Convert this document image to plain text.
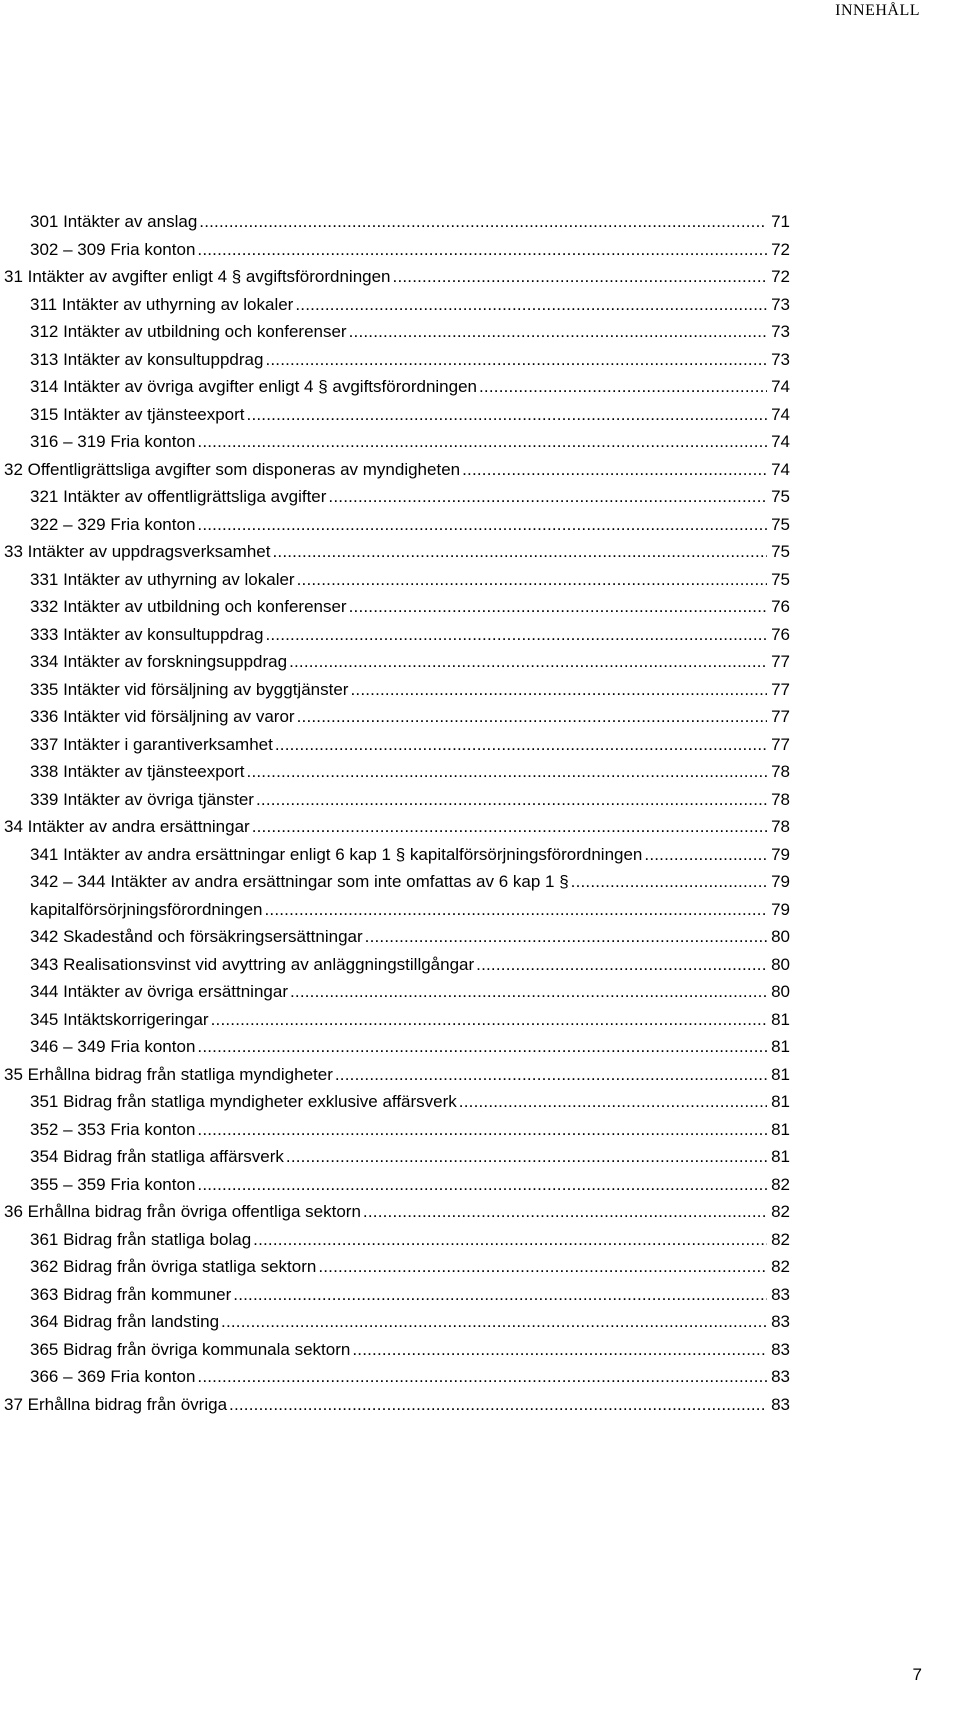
INNEHÅLL
301 Intäkter av anslag .....	71
302 – 309 Fria konton .....	72
31 Intäkter av avgifter enligt 4 § avgiftsförordningen .....	72
311 Intäkter av uthyrning av lokaler .....	73
312 Intäkter av utbildning och konferenser .....	73
313 Intäkter av konsultuppdrag .....	73
314 Intäkter av övriga avgifter enligt 4 § avgiftsförordningen .....	74
315 Intäkter av tjänsteexport .....	74
316 – 319 Fria konton .....	74
32 Offentligrättsliga avgifter som disponeras av myndigheten .....	74
321 Intäkter av offentligrättsliga avgifter .....	75
322 – 329 Fria konton .....	75
33 Intäkter av uppdragsverksamhet .....	75
331 Intäkter av uthyrning av lokaler .....	75
332 Intäkter av utbildning och konferenser .....	76
333 Intäkter av konsultuppdrag .....	76
334 Intäkter av forskningsuppdrag .....	77
335 Intäkter vid försäljning av byggtjänster .....	77
336 Intäkter vid försäljning av varor .....	77
337 Intäkter i garantiverksamhet .....	77
338 Intäkter av tjänsteexport .....	78
339 Intäkter av övriga tjänster .....	78
34 Intäkter av andra ersättningar .....	78
341 Intäkter av andra ersättningar enligt 6 kap 1 § kapitalförsörjningsförordningen .....	79
342 – 344 Intäkter av andra ersättningar som inte omfattas av 6 kap 1 § .....	79
kapitalförsörjningsförordningen .....	79
342 Skadestånd och försäkringsersättningar .....	80
343 Realisationsvinst vid avyttring av anläggningstillgångar .....	80
344 Intäkter av övriga ersättningar .....	80
345 Intäktskorrigeringar .....	81
346 – 349 Fria konton .....	81
35 Erhållna bidrag från statliga myndigheter .....	81
351 Bidrag från statliga myndigheter exklusive affärsverk .....	81
352 – 353 Fria konton .....	81
354 Bidrag från statliga affärsverk .....	81
355 – 359 Fria konton .....	82
36 Erhållna bidrag från övriga offentliga sektorn .....	82
361 Bidrag från statliga bolag .....	82
362 Bidrag från övriga statliga sektorn .....	82
363 Bidrag från kommuner .....	83
364 Bidrag från landsting .....	83
365 Bidrag från övriga kommunala sektorn .....	83
366 – 369 Fria konton .....	83
37 Erhållna bidrag från övriga .....	83
7
